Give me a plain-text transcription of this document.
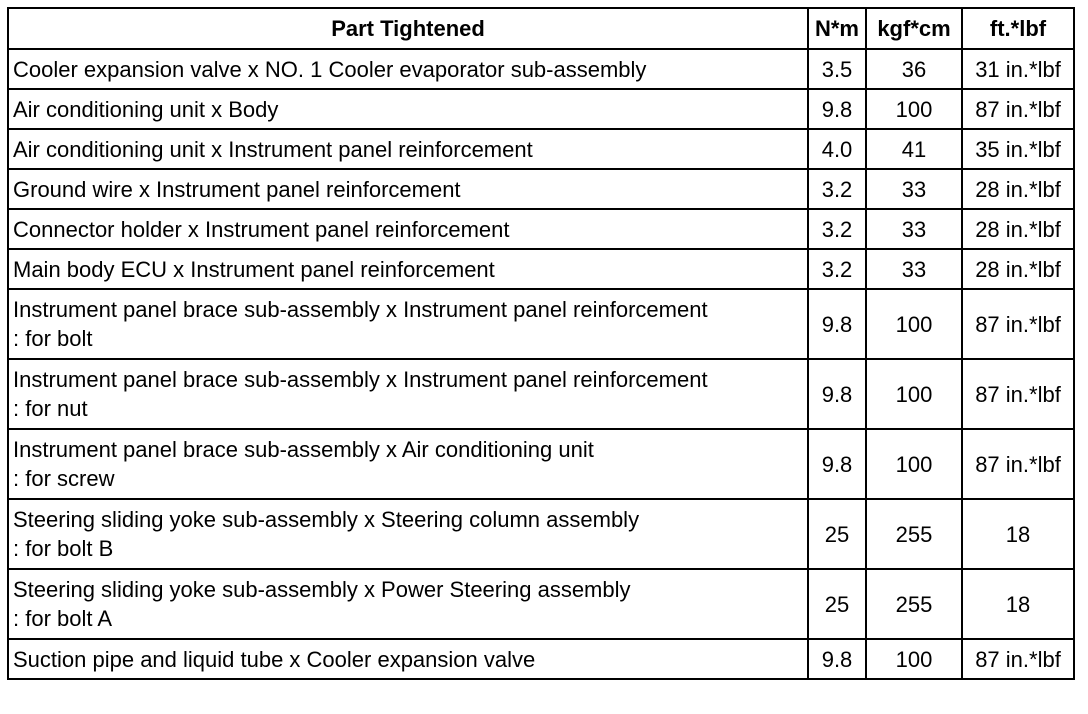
Part Tightened	N*m	kgf*cm	ft.*lbf

Cooler expansion valve x NO. 1 Cooler evaporator sub-assembly	3.5	36	31 in.*lbf

Air conditioning unit x Body	9.8	100	87 in.*lbf

Air conditioning unit x Instrument panel reinforcement	4.0	41	35 in.*lbf

Ground wire x Instrument panel reinforcement	3.2	33	28 in.*lbf

Connector holder x Instrument panel reinforcement	3.2	33	28 in.*lbf

Main body ECU x Instrument panel reinforcement	3.2	33	28 in.*lbf

Instrument panel brace sub-assembly x Instrument panel reinforcement
: for bolt	9.8	100	87 in.*lbf

Instrument panel brace sub-assembly x Instrument panel reinforcement
: for nut	9.8	100	87 in.*lbf

Instrument panel brace sub-assembly x Air conditioning unit
: for screw	9.8	100	87 in.*lbf

Steering sliding yoke sub-assembly x Steering column assembly
: for bolt B	25	255	18

Steering sliding yoke sub-assembly x Power Steering assembly
: for bolt A	25	255	18

Suction pipe and liquid tube x Cooler expansion valve	9.8	100	87 in.*lbf
